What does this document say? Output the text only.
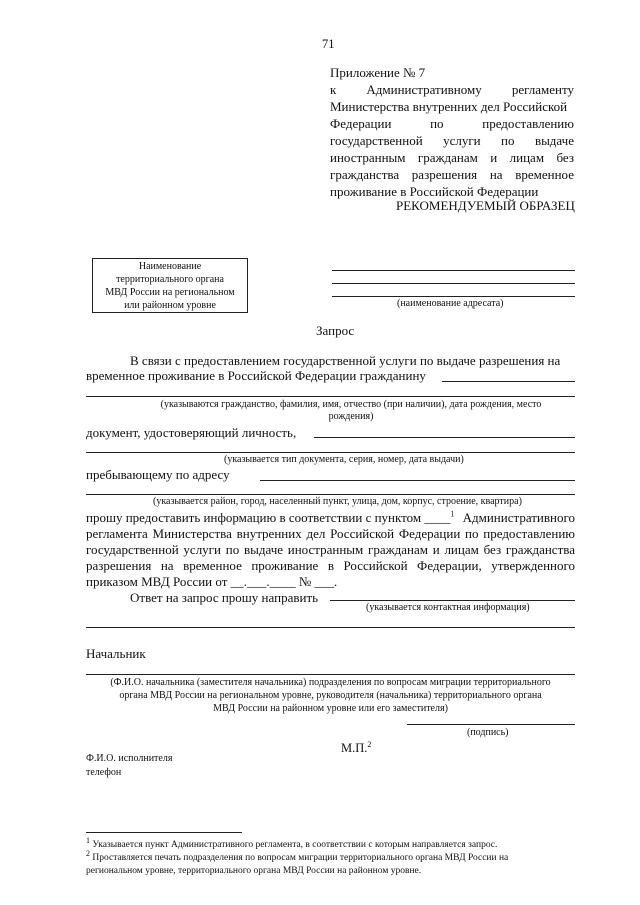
71
Приложение № 7
к Административному регламенту
Министерства внутренних дел Российской
Федерации	по	предоставлению
государственной услуги по выдаче
иностранным гражданам и лицам без
гражданства разрешения на временное
проживание в Российской Федерации
РЕКОМЕНДУЕМЫЙ ОБРАЗЕЦ
Наименование
территориального органа
МВД России на региональном
или районном уровне	(наименование адресата)
Запрос
В связи с предоставлением государственной услуги по выдаче разрешения на
временное проживание в Российской Федерации гражданину
(указываются гражданство, фамилия, имя, отчество (при наличии), дата рождения, место
рождения)
документ, удостоверяющий личность,
(указывается тип документа, серия, номер, дата выдачи)
пребывающему по адресу
(указывается район, город, населенный пункт, улица, дом, корпус, строение, квартира)
прошу предоставить информацию в соответствии с пунктом ____$^1$ Административного
регламента Министерства внутренних дел Российской Федерации по предоставлению
государственной услуги по выдаче иностранным гражданам и лицам без гражданства
разрешения на временное проживание в Российской Федерации, утвержденного
приказом МВД России от __.___.____ № ___.
Ответ на запрос прошу направить
(указывается контактная информация)
Начальник
(Ф.И.О. начальника (заместителя начальника) подразделения по вопросам миграции территориального
органа МВД России на региональном уровне, руководителя (начальника) территориального органа
МВД России на районном уровне или его заместителя)
(подпись)
М.П.$^2$
Ф.И.О. исполнителя
телефон
$^1$ Указывается пункт Административного регламента, в соответствии с которым направляется запрос.
$^2$ Проставляется печать подразделения по вопросам миграции территориального органа МВД России на
региональном уровне, территориального органа МВД России на районном уровне.
